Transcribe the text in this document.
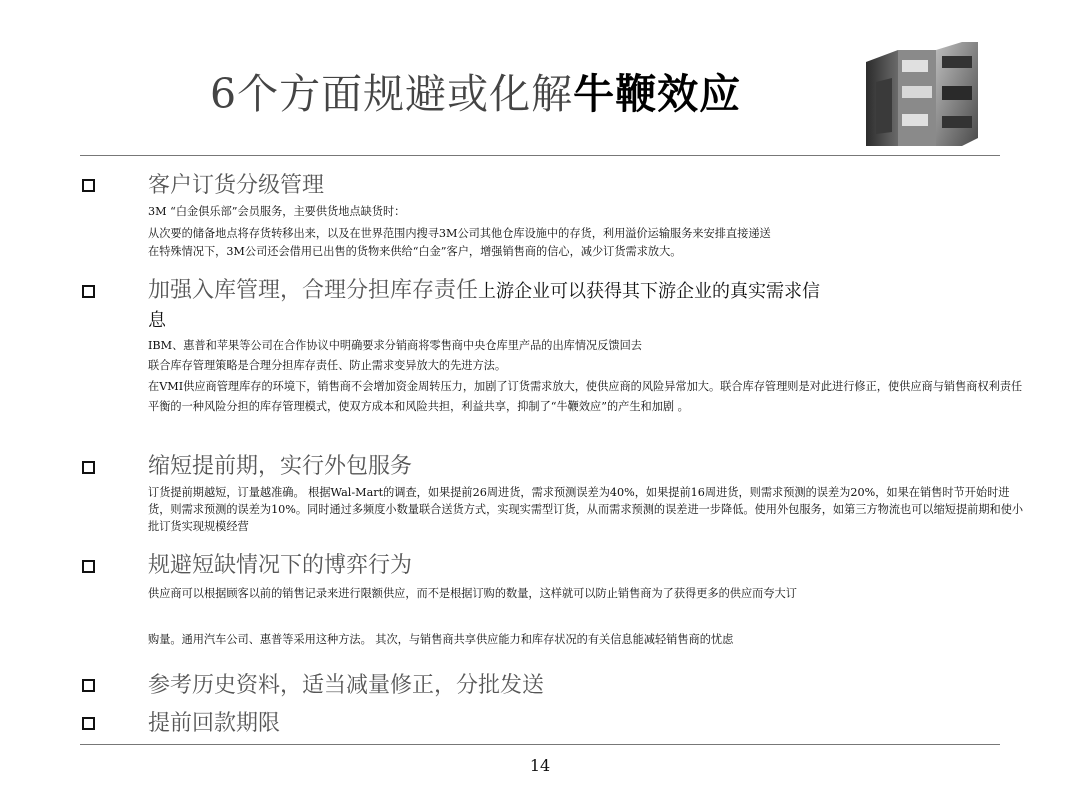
6个方面规避或化解牛鞭效应
客户订货分级管理
3M “白金俱乐部”会员服务，主要供货地点缺货时：
从次要的储备地点将存货转移出来，以及在世界范围内搜寻3M公司其他仓库设施中的存货，利用溢价运输服务来安排直接递送
在特殊情况下，3M公司还会借用已出售的货物来供给“白金”客户，增强销售商的信心，减少订货需求放大。
加强入库管理，合理分担库存责任上游企业可以获得其下游企业的真实需求信
息
IBM、惠普和苹果等公司在合作协议中明确要求分销商将零售商中央仓库里产品的出库情况反馈回去
联合库存管理策略是合理分担库存责任、防止需求变异放大的先进方法。
在VMI供应商管理库存的环境下，销售商不会增加资金周转压力，加剧了订货需求放大，使供应商的风险异常加大。联合库存管理则是对此进行修正，使供应商与销售商权利责任平衡的一种风险分担的库存管理模式，使双方成本和风险共担，利益共享，抑制了“牛鞭效应”的产生和加剧 。
缩短提前期，实行外包服务
订货提前期越短，订量越准确。 根据Wal-Mart的调查，如果提前26周进货，需求预测误差为40%，如果提前16周进货，则需求预测的误差为20%，如果在销售时节开始时进货，则需求预测的误差为10%。同时通过多频度小数量联合送货方式，实现实需型订货，从而需求预测的误差进一步降低。使用外包服务，如第三方物流也可以缩短提前期和使小批订货实现规模经营
规避短缺情况下的博弈行为
供应商可以根据顾客以前的销售记录来进行限额供应，而不是根据订购的数量，这样就可以防止销售商为了获得更多的供应而夸大订
购量。通用汽车公司、惠普等采用这种方法。 其次，与销售商共享供应能力和库存状况的有关信息能减轻销售商的忧虑
参考历史资料，适当减量修正，分批发送
提前回款期限
14
